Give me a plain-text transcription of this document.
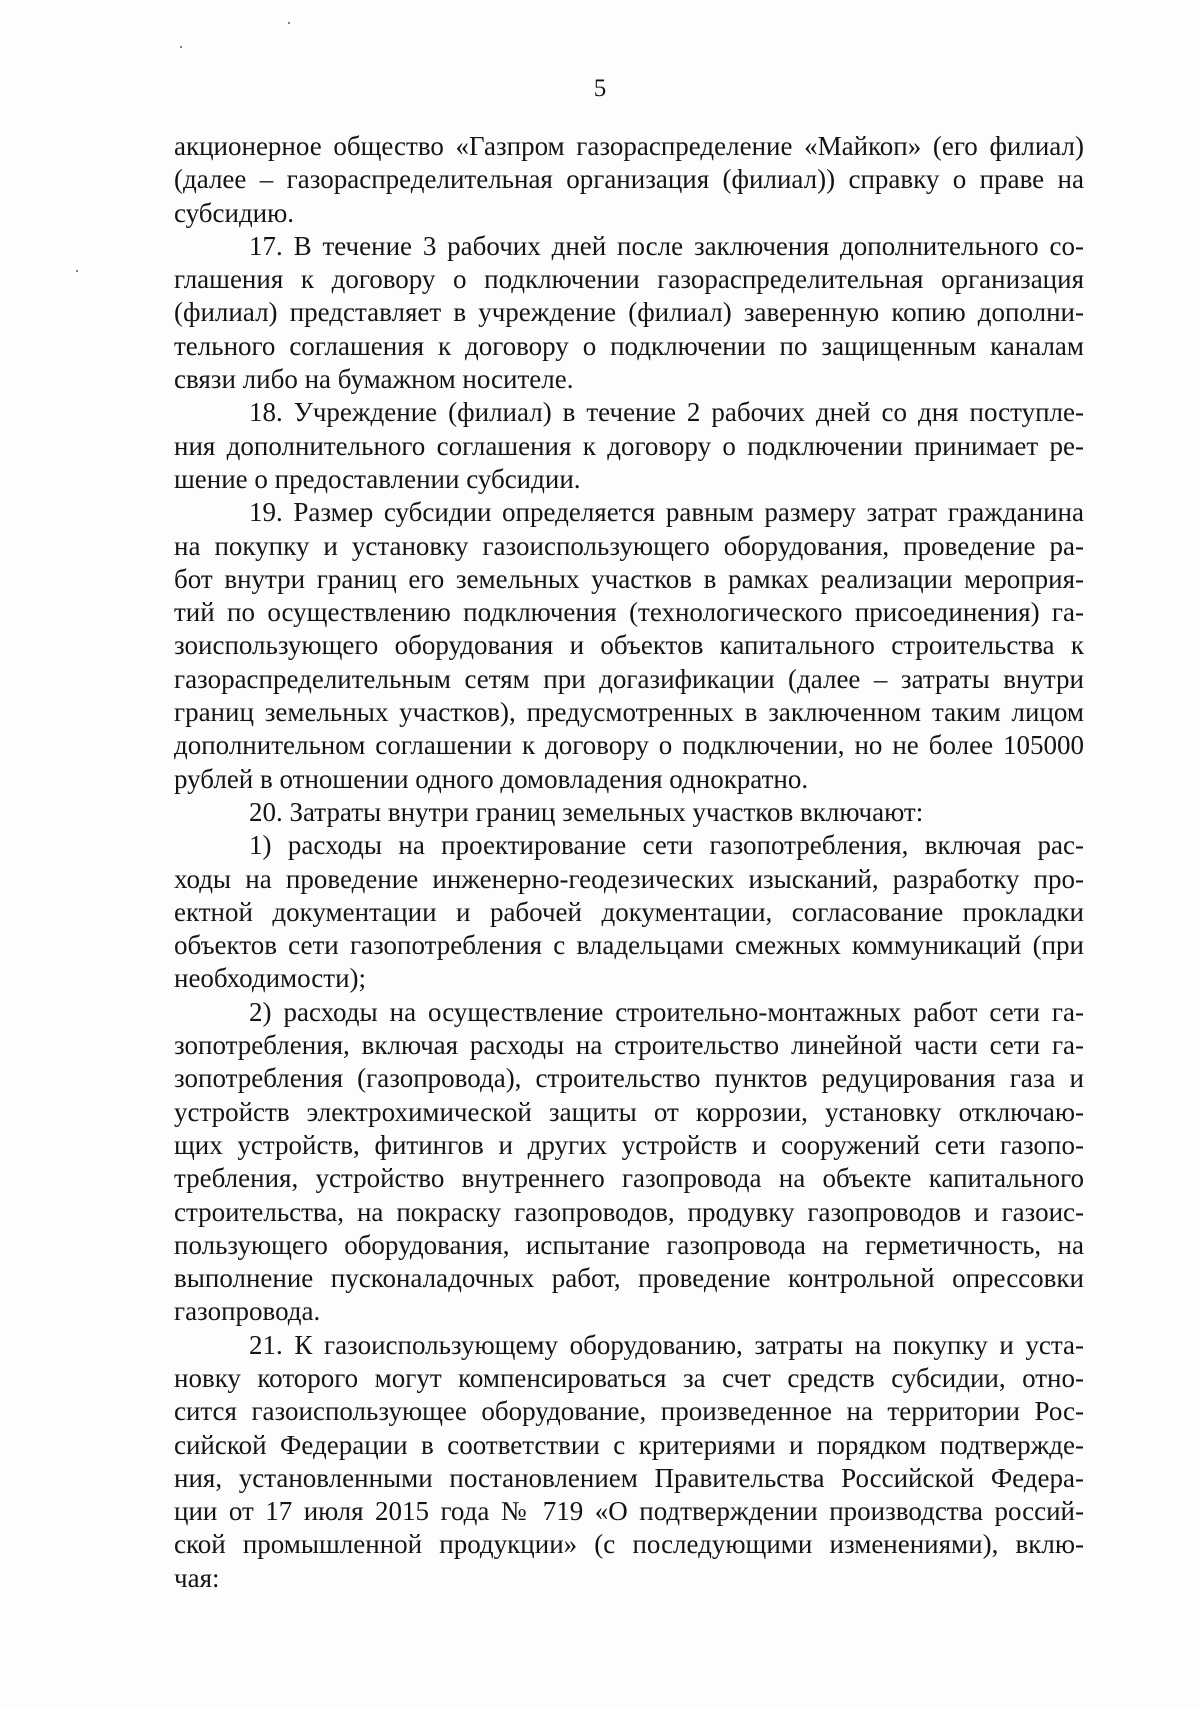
5
акционерное общество «Газпром газораспределение «Майкоп» (его филиал)
(далее – газораспределительная организация (филиал)) справку о праве на
субсидию.
17. В течение 3 рабочих дней после заключения дополнительного со-
глашения к договору о подключении газораспределительная организация
(филиал) представляет в учреждение (филиал) заверенную копию дополни-
тельного соглашения к договору о подключении по защищенным каналам
связи либо на бумажном носителе.
18. Учреждение (филиал) в течение 2 рабочих дней со дня поступле-
ния дополнительного соглашения к договору о подключении принимает ре-
шение о предоставлении субсидии.
19. Размер субсидии определяется равным размеру затрат гражданина
на покупку и установку газоиспользующего оборудования, проведение ра-
бот внутри границ его земельных участков в рамках реализации мероприя-
тий по осуществлению подключения (технологического присоединения) га-
зоиспользующего оборудования и объектов капитального строительства к
газораспределительным сетям при догазификации (далее – затраты внутри
границ земельных участков), предусмотренных в заключенном таким лицом
дополнительном соглашении к договору о подключении, но не более 105000
рублей в отношении одного домовладения однократно.
20. Затраты внутри границ земельных участков включают:
1) расходы на проектирование сети газопотребления, включая рас-
ходы на проведение инженерно-геодезических изысканий, разработку про-
ектной документации и рабочей документации, согласование прокладки
объектов сети газопотребления с владельцами смежных коммуникаций (при
необходимости);
2) расходы на осуществление строительно-монтажных работ сети га-
зопотребления, включая расходы на строительство линейной части сети га-
зопотребления (газопровода), строительство пунктов редуцирования газа и
устройств электрохимической защиты от коррозии, установку отключаю-
щих устройств, фитингов и других устройств и сооружений сети газопо-
требления, устройство внутреннего газопровода на объекте капитального
строительства, на покраску газопроводов, продувку газопроводов и газоис-
пользующего оборудования, испытание газопровода на герметичность, на
выполнение пусконаладочных работ, проведение контрольной опрессовки
газопровода.
21. К газоиспользующему оборудованию, затраты на покупку и уста-
новку которого могут компенсироваться за счет средств субсидии, отно-
сится газоиспользующее оборудование, произведенное на территории Рос-
сийской Федерации в соответствии с критериями и порядком подтвержде-
ния, установленными постановлением Правительства Российской Федера-
ции от 17 июля 2015 года № 719 «О подтверждении производства россий-
ской промышленной продукции» (с последующими изменениями), вклю-
чая:
